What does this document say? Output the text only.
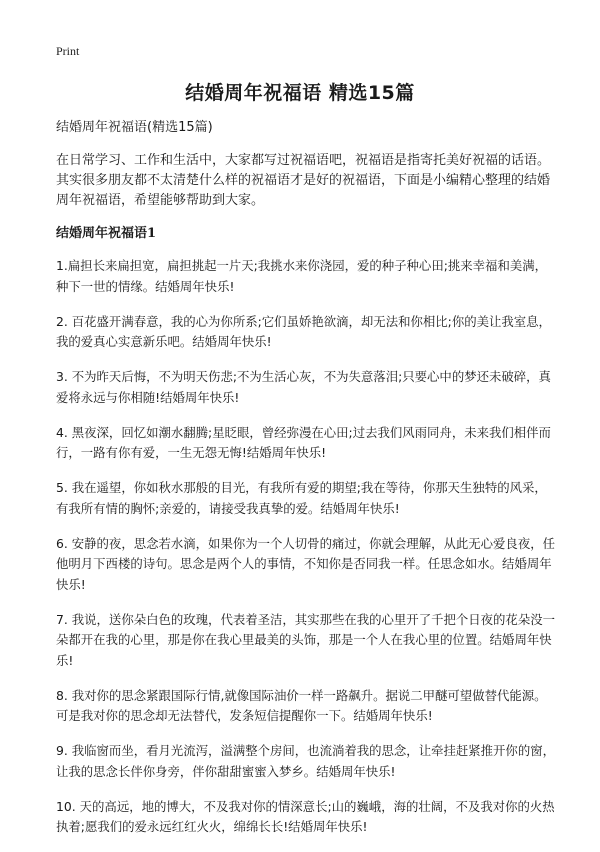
Print
结婚周年祝福语 精选15篇

结婚周年祝福语(精选15篇)

在日常学习、工作和生活中，大家都写过祝福语吧，祝福语是指寄托美好祝福的话语。其实很多朋友都不太清楚什么样的祝福语才是好的祝福语，下面是小编精心整理的结婚周年祝福语，希望能够帮助到大家。

结婚周年祝福语1

1.扁担长来扁担宽，扁担挑起一片天;我挑水来你浇园，爱的种子种心田;挑来幸福和美满，种下一世的情缘。结婚周年快乐!

2. 百花盛开满春意，我的心为你所系;它们虽娇艳欲滴，却无法和你相比;你的美让我室息，我的爱真心实意新乐吧。结婚周年快乐!

3. 不为昨天后悔，不为明天伤悲;不为生活心灰，不为失意落泪;只要心中的梦还未破碎，真爱将永远与你相随!结婚周年快乐!

4. 黑夜深，回忆如潮水翻腾;星眨眼，曾经弥漫在心田;过去我们风雨同舟，未来我们相伴而行，一路有你有爱，一生无怨无悔!结婚周年快乐!

5. 我在遥望，你如秋水那般的目光，有我所有爱的期望;我在等待，你那天生独特的风采，有我所有情的胸怀;亲爱的，请接受我真挚的爱。结婚周年快乐!

6. 安静的夜，思念若水滴，如果你为一个人切骨的痛过，你就会理解，从此无心爱良夜，任他明月下西楼的诗句。思念是两个人的事情，不知你是否同我一样。任思念如水。结婚周年快乐!

7. 我说，送你朵白色的玫瑰，代表着圣洁，其实那些在我的心里开了千把个日夜的花朵没一朵都开在我的心里，那是你在我心里最美的头饰，那是一个人在我心里的位置。结婚周年快乐!

8. 我对你的思念紧跟国际行情,就像国际油价一样一路飙升。据说二甲醚可望做替代能源。可是我对你的思念却无法替代，发条短信提醒你一下。结婚周年快乐!

9. 我临窗而坐，看月光流泻，溢满整个房间，也流淌着我的思念，让牵挂赶紧推开你的窗，让我的思念长伴你身旁，伴你甜甜蜜蜜入梦乡。结婚周年快乐!

10. 天的高远，地的博大，不及我对你的情深意长;山的巍峨，海的壮阔，不及我对你的火热执着;愿我们的爱永远红红火火，绵绵长长!结婚周年快乐!
